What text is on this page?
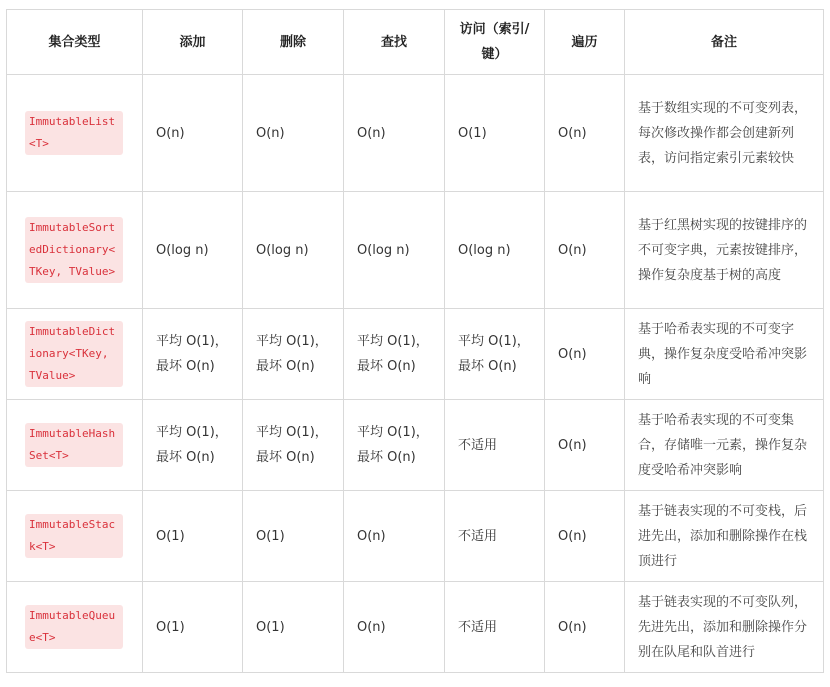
集合类型	添加	删除	查找	访问（索引/键）	遍历	备注
ImmutableList<T>	O(n)	O(n)	O(n)	O(1)	O(n)	基于数组实现的不可变列表，每次修改操作都会创建新列表，访问指定索引元素较快
ImmutableSortedDictionary<TKey, TValue>	O(log n)	O(log n)	O(log n)	O(log n)	O(n)	基于红黑树实现的按键排序的不可变字典，元素按键排序，操作复杂度基于树的高度
ImmutableDictionary<TKey, TValue>	平均 O(1)，最坏 O(n)	平均 O(1)，最坏 O(n)	平均 O(1)，最坏 O(n)	平均 O(1)，最坏 O(n)	O(n)	基于哈希表实现的不可变字典，操作复杂度受哈希冲突影响
ImmutableHashSet<T>	平均 O(1)，最坏 O(n)	平均 O(1)，最坏 O(n)	平均 O(1)，最坏 O(n)	不适用	O(n)	基于哈希表实现的不可变集合，存储唯一元素，操作复杂度受哈希冲突影响
ImmutableStack<T>	O(1)	O(1)	O(n)	不适用	O(n)	基于链表实现的不可变栈，后进先出，添加和删除操作在栈顶进行
ImmutableQueue<T>	O(1)	O(1)	O(n)	不适用	O(n)	基于链表实现的不可变队列，先进先出，添加和删除操作分别在队尾和队首进行
